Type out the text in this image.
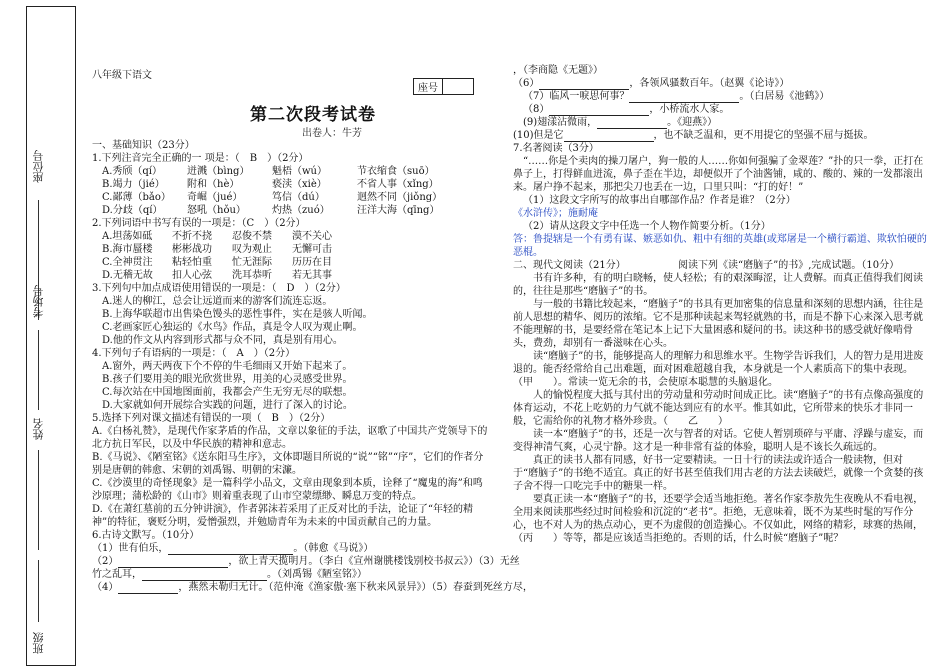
座位号
考场号
姓名
班级
八年级下语文
座号	
第二次段考试卷
出卷人：牛芳
一、基础知识（23分）
1.下列注音完全正确的一 项是：（　B　）（2分）
A.秀颀（qí）	迸溅（bìng）	魁梧（wú）	节衣缩食（suō）
B.竭力（jié）	附和（hè）	亵渎（xiè）	不省人事（xǐng）
C.鄙薄（bǎo）	奇崛（jué）	笃信（dú）	迥然不同（jiǒng）
D.分歧（qí）	怒吼（hǒu）	灼热（zuó）	汪洋大海（qīng）
2.下列词语中书写有误的一项是：（C　）（2分）
A.坦荡如砥	不折不挠	忍俊不禁	漠不关心
B.海市蜃楼	彬彬战功	叹为观止	无懈可击
C.全神贯注	粘轻怕重	忙无涯际	历历在目
D.无稽无故	扣人心弦	洗耳恭听	若无其事
3.下列句中加点成语使用错误的一项是：（　D　）（2分）
A.迷人的柳江，总会让远道而来的游客们流连忘返。
B.上海华联超市出售染色馒头的恶性事件，实在是骇人听闻。
C.老画家匠心独运的《水鸟》作品，真是令人叹为观止啊。
D.他的作文从内容到形式都与众不同，真是别有用心。
4.下列句子有语病的一项是：（　A　）（2分）
A.窗外，两天两夜下个不停的牛毛细雨又开始下起来了。
B.孩子们要用美的眼光欣赏世界，用美的心灵感受世界。
C.每次站在中国地图面前，我都会产生无穷无尽的联想。
D.大家就如何开展综合实践的问题，进行了深入的讨论。
5.选择下列对课文描述有错误的一项（　B　）（2分）
A.《白杨礼赞》，是现代作家茅盾的作品，文章以象征的手法，讴歌了中国共产党领导下的北方抗日军民，以及中华民族的精神和意志。
B.《马说》、《陋室铭》《送东阳马生序》，文体即题目所说的“说”“铭”“序”，它们的作者分别是唐朝的韩愈、宋朝的刘禹锡、明朝的宋濂。
C.《沙漠里的奇怪现象》是一篇科学小品文，文章由现象到本质，诠释了“魔鬼的海”和鸣沙原理；蒲松龄的《山市》则着重表现了山市空蒙缥缈、瞬息万变的特点。
D.《在萧红墓前的五分钟讲演》，作者郭沫若采用了正反对比的手法，论证了“年轻的精神”的特征，褒贬分明，爱憎强烈，并勉励青年为未来的中国贡献自己的力量。
6.古诗文默写。（10分）
（1）世有伯乐，	。（韩愈《马说》）
（2）	，欲上青天揽明月。（李白《宣州谢朓楼饯别校书叔云》）（3）无丝
竹之乱耳，	。（刘禹锡《陋室铭》）
（4）	，燕然未勒归无计。（范仲淹《渔家傲·塞下秋来风景异》）（5）春蚕到死丝方尽，
，（李商隐《无题》）
（6）	，各领风骚数百年。（赵翼《论诗》）
（7）临风一唳思何事？	。（白居易《池鹤》）
（8）	，小桥流水人家。
(9)翅漾沾微雨，	。《迎燕》）
(10)但是它	，也不缺乏温和，更不用提它的坚强不屈与挺拔。
7.名著阅读（3分）
“……你是个卖肉的操刀屠户，狗一般的人……你如何强骗了金翠莲？”扑的只一拳，正打在鼻子上，打得鲜血迸流，鼻子歪在半边，却便似开了个油酱铺，咸的、酸的、辣的一发都滚出来。屠户挣不起来，那把尖刀也丢在一边，口里只叫：“打的好！”
（1）这段文字所写的故事出自哪部作品？作者是谁？（2分）
《水浒传》；施耐庵
（2）请从这段文字中任选一个人物作简要分析。（1分）
答：鲁提辖是一个有勇有谋、嫉恶如仇、粗中有细的英雄(或郑屠是一个横行霸道、欺软怕硬的恶棍。
二、现代文阅读（21分）	阅读下列《读“磨脑子”的书》,完成试题。（10分）
书有许多种，有的明白晓畅，使人轻松；有的艰深晦涩，让人费解。而真正值得我们阅读的，往往是那些“磨脑子”的书。
与一般的书籍比较起来，“磨脑子”的书具有更加密集的信息量和深刻的思想内涵，往往是前人思想的精华、阅历的浓缩。它不是那种读起来驾轻就熟的书，而是不静下心来深入思考就不能理解的书，是要经常在笔记本上记下大量困惑和疑问的书。读这种书的感受就好像啃骨头，费劲，却别有一番滋味在心头。
读“磨脑子”的书，能够提高人的理解力和思维水平。生物学告诉我们，人的智力是用进废退的。能否经常给自己出难题，面对困难超越自我，本身就是一个人素质高下的集中表现。（甲　　）。常读一览无余的书，会使原本聪慧的头脑退化。
人的愉悦程度大抵与其付出的劳动量和劳动时间成正比。读“磨脑子”的书有点像高强度的体育运动，不花上吃奶的力气就不能达到应有的水平。惟其如此，它所带来的快乐才非同一般，它需给你的礼物才格外珍贵。（　　乙　　）
读一本“磨脑子”的书，还是一次与智者的对话。它使人暂别琐碎与平庸、浮躁与虚妄，而变得神清气爽，心灵宁静。这才是一种非常有益的体验，聪明人是不该长久疏远的。
真正的读书人都有同感，好书一定要精读。一日十行的读法或许适合一般读物，但对于“磨脑子”的书绝不适宜。真正的好书甚至值我们用古老的方法去读破烂，就像一个贪婪的孩子舍不得一口吃完手中的糖果一样。
要真正读一本“磨脑子”的书，还要学会适当地拒绝。著名作家李敖先生夜晚从不看电视，全用来阅读那些经过时间检验和沉淀的“老书”。拒绝，无意味着，既不为某些时髦的写作分心，也不对人为的热点动心，更不为虚假的创造操心。不仅如此，网络的精彩，球赛的热闹，（丙　　）等等，都是应该适当拒绝的。否则的话，什么时候“磨脑子”呢？
